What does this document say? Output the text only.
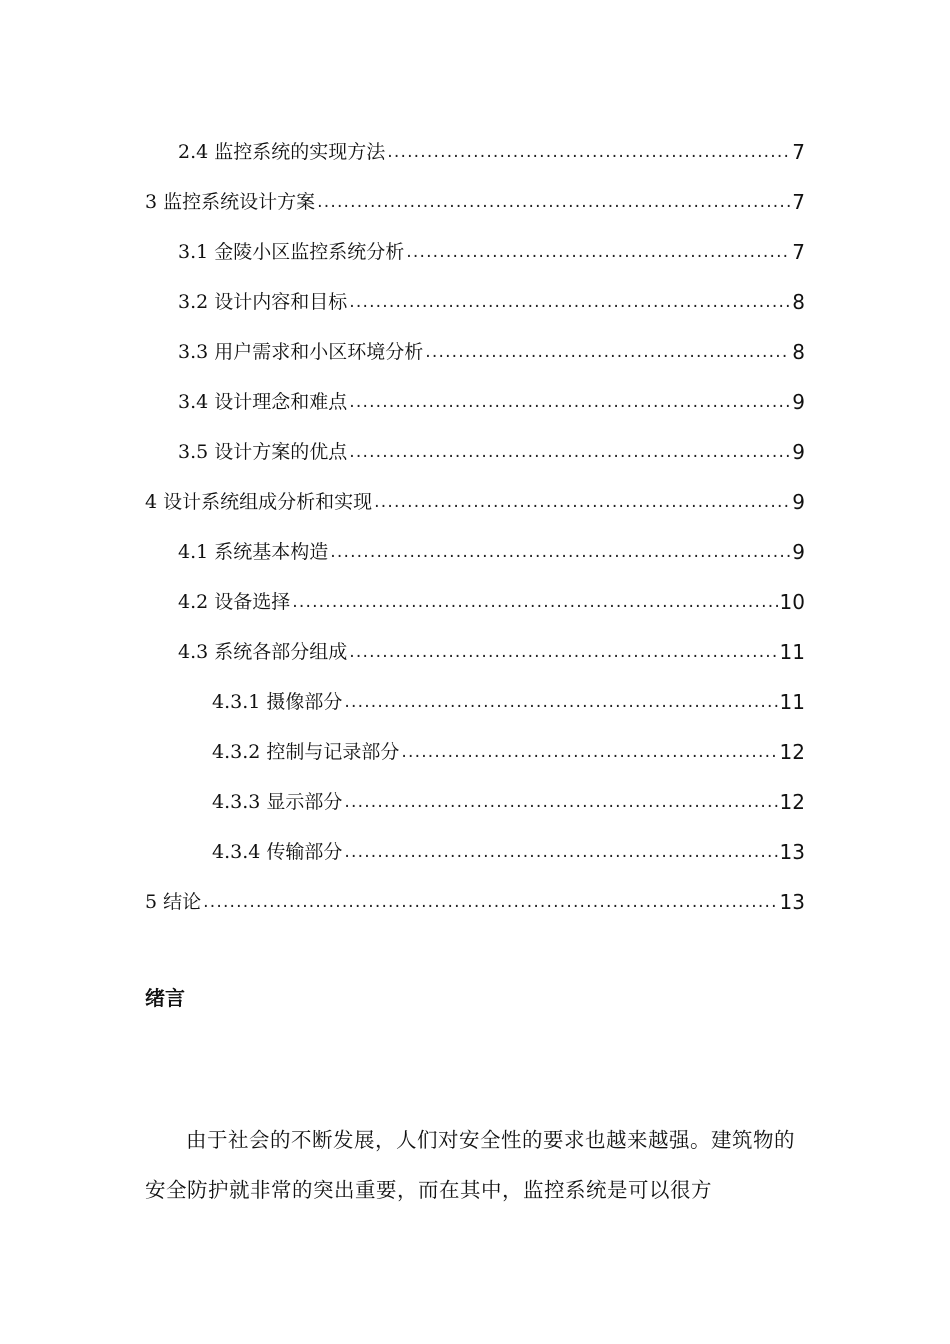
2.4 监控系统的实现方法 .....	7
3 监控系统设计方案 .....	7
3.1 金陵小区监控系统分析 .....	7
3.2 设计内容和目标 .....	8
3.3 用户需求和小区环境分析 .....	8
3.4 设计理念和难点 .....	9
3.5 设计方案的优点 .....	9
4 设计系统组成分析和实现 .....	9
4.1 系统基本构造 .....	9
4.2 设备选择 .....	10
4.3 系统各部分组成 .....	11
4.3.1 摄像部分 .....	11
4.3.2 控制与记录部分 .....	12
4.3.3 显示部分 .....	12
4.3.4 传输部分 .....	13
5 结论 .....	13
绪言

由于社会的不断发展，人们对安全性的要求也越来越强。建筑物的安全防护就非常的突出重要，而在其中，监控系统是可以很方
